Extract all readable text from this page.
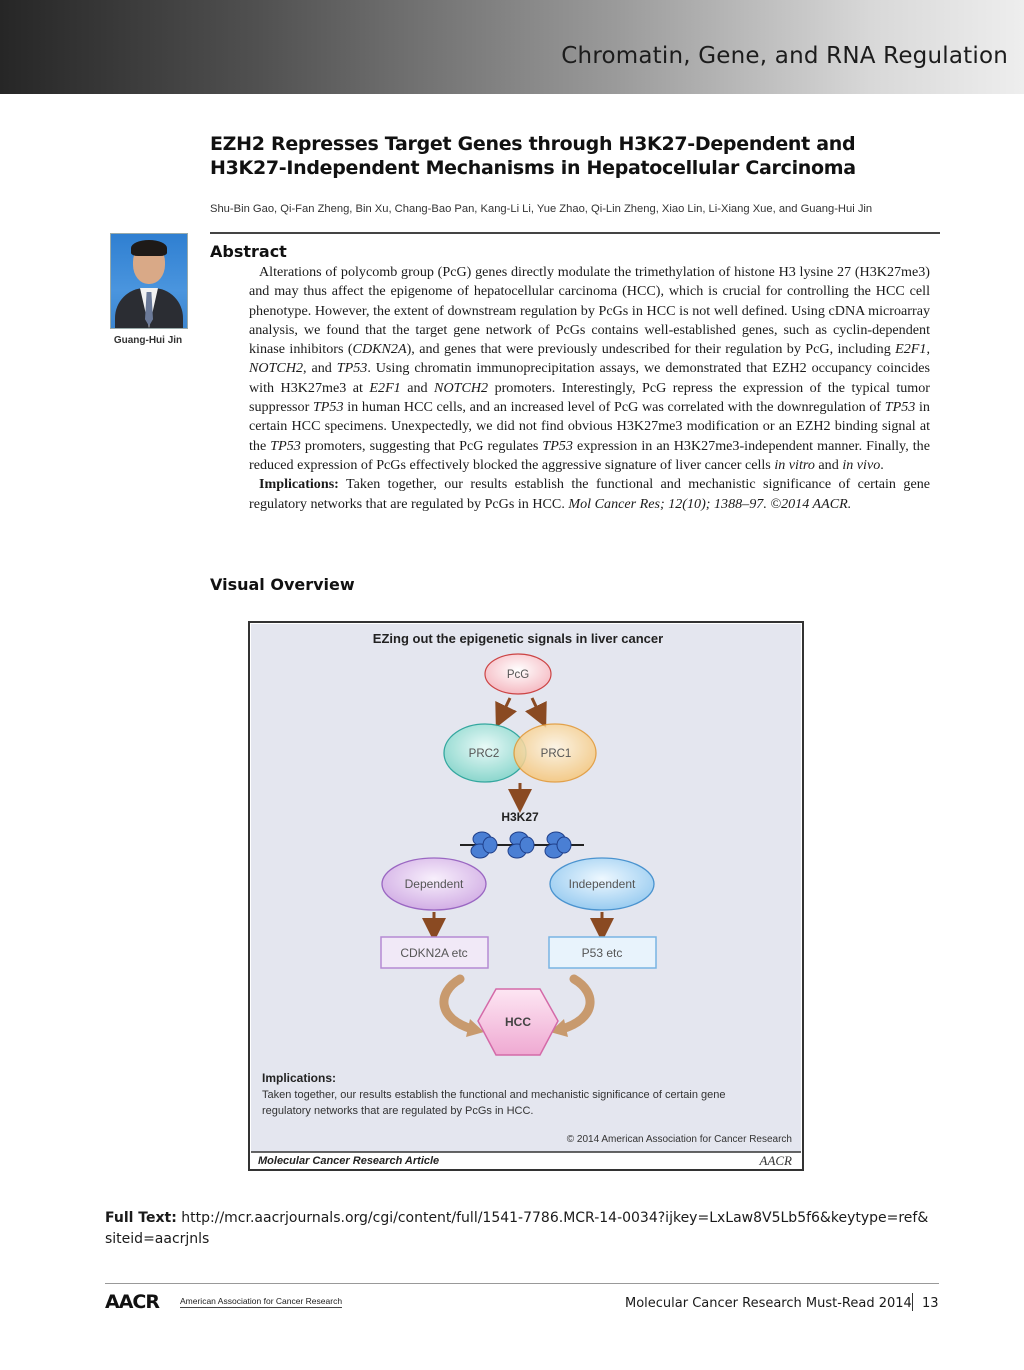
Chromatin, Gene, and RNA Regulation
EZH2 Represses Target Genes through H3K27-Dependent and
H3K27-Independent Mechanisms in Hepatocellular Carcinoma
Shu-Bin Gao, Qi-Fan Zheng, Bin Xu, Chang-Bao Pan, Kang-Li Li, Yue Zhao, Qi-Lin Zheng, Xiao Lin, Li-Xiang Xue, and Guang-Hui Jin
Guang-Hui Jin
Abstract

Alterations of polycomb group (PcG) genes directly modulate the trimethylation of histone H3 lysine 27 (H3K27me3) and may thus affect the epigenome of hepatocellular carcinoma (HCC), which is crucial for controlling the HCC cell phenotype. However, the extent of downstream regulation by PcGs in HCC is not well defined. Using cDNA microarray analysis, we found that the target gene network of PcGs contains well-established genes, such as cyclin-dependent kinase inhibitors (CDKN2A), and genes that were previously undescribed for their regulation by PcG, including E2F1, NOTCH2, and TP53. Using chromatin immunoprecipitation assays, we demonstrated that EZH2 occupancy coincides with H3K27me3 at E2F1 and NOTCH2 promoters. Interestingly, PcG repress the expression of the typical tumor suppressor TP53 in human HCC cells, and an increased level of PcG was correlated with the downregulation of TP53 in certain HCC specimens. Unexpectedly, we did not find obvious H3K27me3 modification or an EZH2 binding signal at the TP53 promoters, suggesting that PcG regulates TP53 expression in an H3K27me3-independent manner. Finally, the reduced expression of PcGs effectively blocked the aggressive signature of liver cancer cells in vitro and in vivo.

Implications: Taken together, our results establish the functional and mechanistic significance of certain gene regulatory networks that are regulated by PcGs in HCC. Mol Cancer Res; 12(10); 1388–97. ©2014 AACR.

Visual Overview
EZing out the epigenetic signals in liver cancer
PcG
PRC2	PRC1
H3K27
Dependent	Independent
CDKN2A etc	P53 etc
HCC
Implications:
Taken together, our results establish the functional and mechanistic significance of certain gene
regulatory networks that are regulated by PcGs in HCC.
© 2014 American Association for Cancer Research
Molecular Cancer Research Article	AACR
Full Text: http://mcr.aacrjournals.org/cgi/content/full/1541-7786.MCR-14-0034?ijkey=LxLaw8V5Lb5f6&keytype=ref&
siteid=aacrjnls
AACR American Association for Cancer Research	Molecular Cancer Research Must-Read 2014 13
